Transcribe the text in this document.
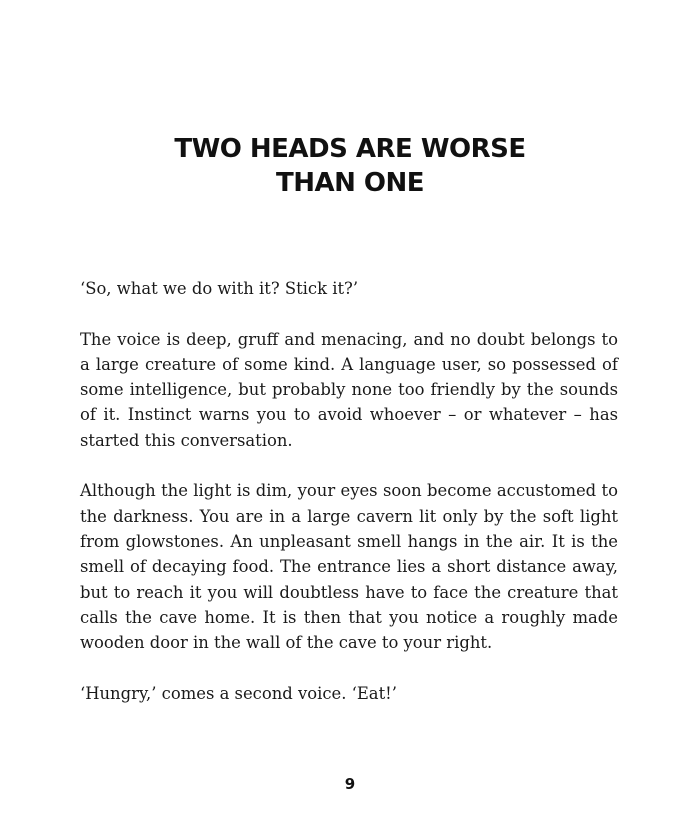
TWO HEADS ARE WORSE
THAN ONE

‘So, what we do with it? Stick it?’

The voice is deep, gruff and menacing, and no doubt belongs to a large creature of some kind. A language user, so possessed of some intelligence, but probably none too friendly by the sounds of it. Instinct warns you to avoid whoever – or whatever – has started this conversation.

Although the light is dim, your eyes soon become accustomed to the darkness. You are in a large cavern lit only by the soft light from glowstones. An unpleasant smell hangs in the air. It is the smell of decaying food. The entrance lies a short distance away, but to reach it you will doubtless have to face the creature that calls the cave home. It is then that you notice a roughly made wooden door in the wall of the cave to your right.

‘Hungry,’ comes a second voice. ‘Eat!’

9
